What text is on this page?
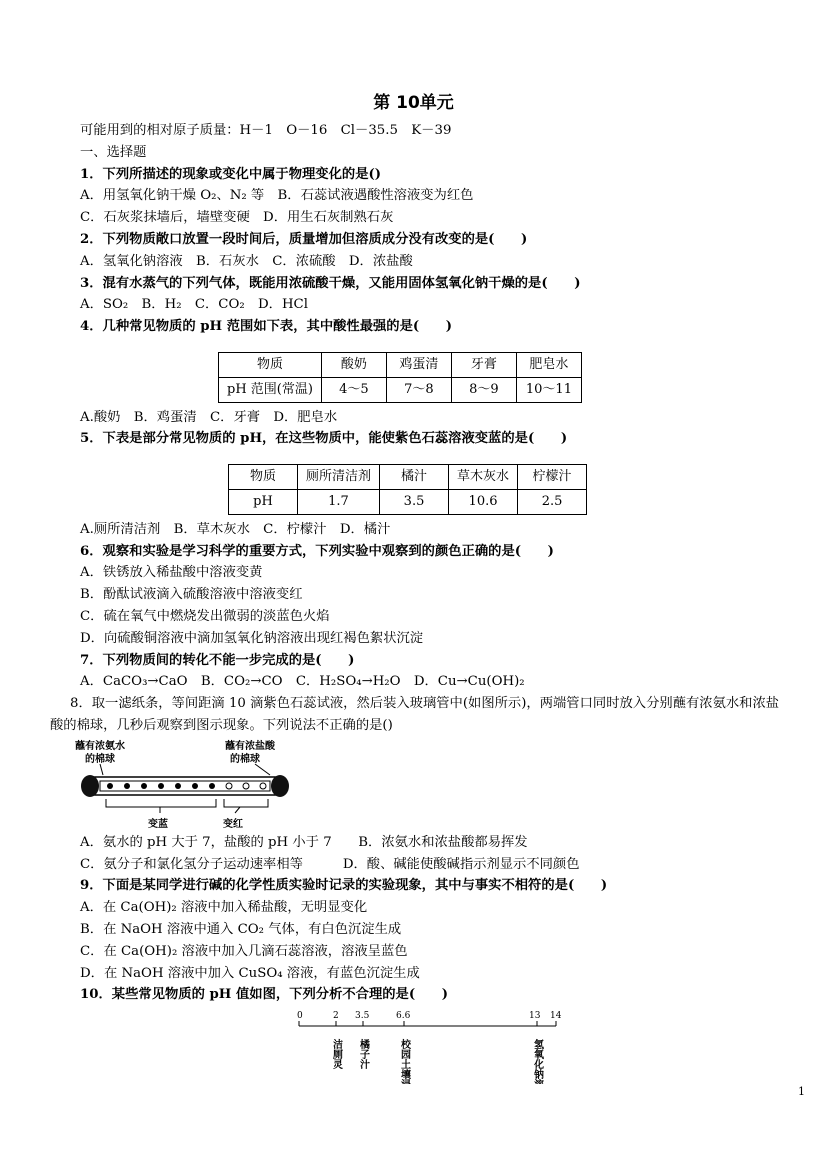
第 10单元
可能用到的相对原子质量：H－1　O－16　Cl－35.5　K－39
一、选择题
1．下列所描述的现象或变化中属于物理变化的是()
A．用氢氧化钠干燥 O₂、N₂ 等　B．石蕊试液遇酸性溶液变为红色
C．石灰浆抹墙后，墙壁变硬　D．用生石灰制熟石灰
2．下列物质敞口放置一段时间后，质量增加但溶质成分没有改变的是(　　)
A．氢氧化钠溶液　B．石灰水　C．浓硫酸　D．浓盐酸
3．混有水蒸气的下列气体，既能用浓硫酸干燥，又能用固体氢氧化钠干燥的是(　　)
A．SO₂　B．H₂　C．CO₂　D．HCl
4．几种常见物质的 pH 范围如下表，其中酸性最强的是(　　)
物质	酸奶	鸡蛋清	牙膏	肥皂水
pH 范围(常温)	4～5	7～8	8～9	10～11
A.酸奶　B．鸡蛋清　C．牙膏　D．肥皂水
5．下表是部分常见物质的 pH，在这些物质中，能使紫色石蕊溶液变蓝的是(　　)
物质	厕所清洁剂	橘汁	草木灰水	柠檬汁
pH	1.7	3.5	10.6	2.5
A.厕所清洁剂　B．草木灰水　C．柠檬汁　D．橘汁
6．观察和实验是学习科学的重要方式，下列实验中观察到的颜色正确的是(　　)
A．铁锈放入稀盐酸中溶液变黄
B．酚酞试液滴入硫酸溶液中溶液变红
C．硫在氧气中燃烧发出微弱的淡蓝色火焰
D．向硫酸铜溶液中滴加氢氧化钠溶液出现红褐色絮状沉淀
7．下列物质间的转化不能一步完成的是(　　)
A．CaCO₃→CaO　B．CO₂→CO　C．H₂SO₄→H₂O　D．Cu→Cu(OH)₂
8．取一滤纸条，等间距滴 10 滴紫色石蕊试液，然后装入玻璃管中(如图所示)，两端管口同时放入分别蘸有浓氨水和浓盐酸的棉球，几秒后观察到图示现象。下列说法不正确的是()
蘸有浓氨水
的棉球
蘸有浓盐酸
的棉球
变蓝	变红
A．氨水的 pH 大于 7，盐酸的 pH 小于 7　　B．浓氨水和浓盐酸都易挥发
C．氨分子和氯化氢分子运动速率相等　　　D．酸、碱能使酸碱指示剂显示不同颜色
9．下面是某同学进行碱的化学性质实验时记录的实验现象，其中与事实不相符的是(　　)
A．在 Ca(OH)₂ 溶液中加入稀盐酸，无明显变化
B．在 NaOH 溶液中通入 CO₂ 气体，有白色沉淀生成
C．在 Ca(OH)₂ 溶液中加入几滴石蕊溶液，溶液呈蓝色
D．在 NaOH 溶液中加入 CuSO₄ 溶液，有蓝色沉淀生成
10．某些常见物质的 pH 值如图，下列分析不合理的是(　　)
0	2 3.5	6.6	13 14
洁厕灵 橘子汁	校园土壤浸出液	氢氧化钠溶液	1
